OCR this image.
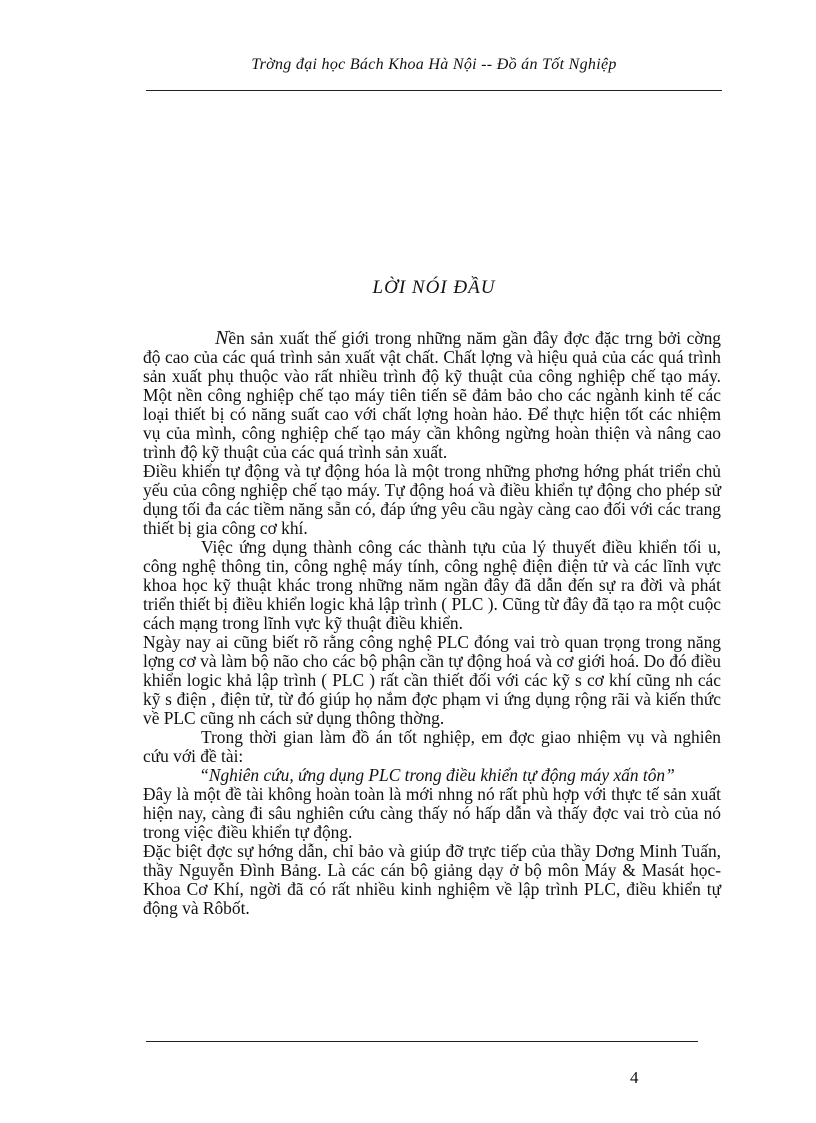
Trờng đại học Bách Khoa Hà Nội -- Đồ án Tốt Nghiệp
LỜI NÓI ĐẦU

Nền sản xuất thế giới trong những năm gần đây đợc đặc trng bởi cờng độ cao của các quá trình sản xuất vật chất. Chất lợng và hiệu quả của các quá trình sản xuất phụ thuộc vào rất nhiều trình độ kỹ thuật của công nghiệp chế tạo máy. Một nền công nghiệp chế tạo máy tiên tiến sẽ đảm bảo cho các ngành kinh tế các loại thiết bị có năng suất cao với chất lợng hoàn hảo. Để thực hiện tốt các nhiệm vụ của mình, công nghiệp chế tạo máy cần không ngừng hoàn thiện và nâng cao trình độ kỹ thuật của các quá trình sản xuất.

Điều khiển tự động và tự động hóa là một trong những phơng hớng phát triển chủ yếu của công nghiệp chế tạo máy. Tự động hoá và điều khiển tự động cho phép sử dụng tối đa các tiềm năng sẵn có, đáp ứng yêu cầu ngày càng cao đối với các trang thiết bị gia công cơ khí.

Việc ứng dụng thành công các thành tựu của lý thuyết điều khiển tối u, công nghệ thông tin, công nghệ máy tính, công nghệ điện điện tử và các lĩnh vực khoa học kỹ thuật khác trong những năm ngần đây đã dẫn đến sự ra đời và phát triển thiết bị điều khiển logic khả lập trình ( PLC ). Cũng từ đây đã tạo ra một cuộc cách mạng trong lĩnh vực kỹ thuật điều khiển.

Ngày nay ai cũng biết rõ rằng công nghệ PLC đóng vai trò quan trọng trong năng lợng cơ và làm bộ não cho các bộ phận cần tự động hoá và cơ giới hoá. Do đó điều khiển logic khả lập trình ( PLC ) rất cần thiết đối với các kỹ s cơ khí cũng nh các kỹ s điện , điện tử, từ đó giúp họ nắm đợc phạm vi ứng dụng rộng rãi và kiến thức về PLC cũng nh cách sử dụng thông thờng.

Trong thời gian làm đồ án tốt nghiệp, em đợc giao nhiệm vụ và nghiên cứu với đề tài:

“Nghiên cứu, ứng dụng PLC trong điều khiển tự động máy xấn tôn”

Đây là một đề tài không hoàn toàn là mới nhng nó rất phù hợp với thực tế sản xuất hiện nay, càng đi sâu nghiên cứu càng thấy nó hấp dẫn và thấy đợc vai trò của nó trong việc điều khiển tự động.

Đặc biệt đợc sự hớng dẫn, chỉ bảo và giúp đỡ trực tiếp của thầy Dơng Minh Tuấn, thầy Nguyễn Đình Bảng. Là các cán bộ giảng dạy ở bộ môn Máy & Masát học- Khoa Cơ Khí, ngời đã có rất nhiều kinh nghiệm về lập trình PLC, điều khiển tự động và Rôbốt.

4
